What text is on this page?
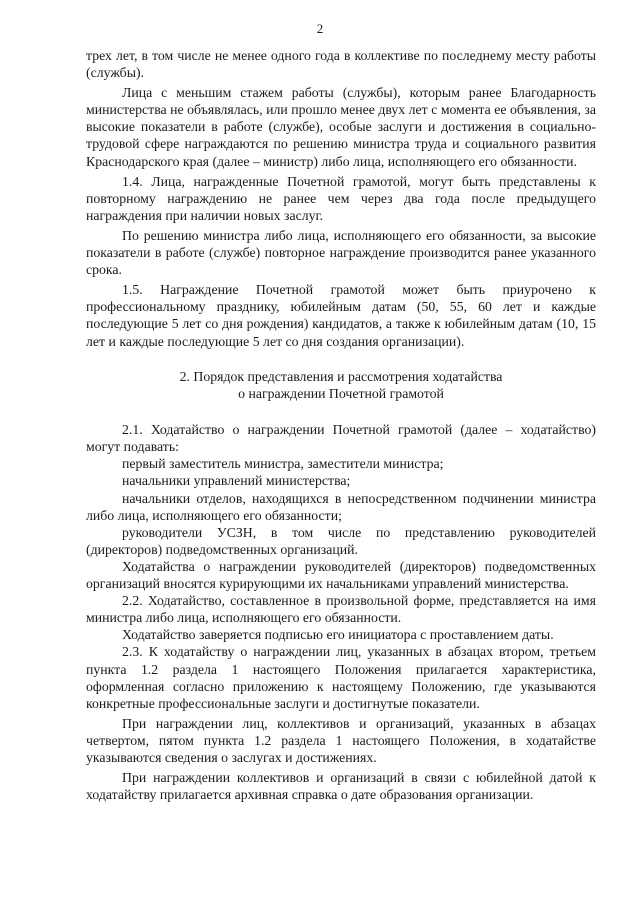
2

трех лет, в том числе не менее одного года в коллективе по последнему месту работы (службы).

Лица с меньшим стажем работы (службы), которым ранее Благодарность министерства не объявлялась, или прошло менее двух лет с момента ее объявления, за высокие показатели в работе (службе), особые заслуги и достижения в социально-трудовой сфере награждаются по решению министра труда и социального развития Краснодарского края (далее – министр) либо лица, исполняющего его обязанности.

1.4. Лица, награжденные Почетной грамотой, могут быть представлены к повторному награждению не ранее чем через два года после предыдущего награждения при наличии новых заслуг.

По решению министра либо лица, исполняющего его обязанности, за высокие показатели в работе (службе) повторное награждение производится ранее указанного срока.

1.5. Награждение Почетной грамотой может быть приурочено к профессиональному празднику, юбилейным датам (50, 55, 60 лет и каждые последующие 5 лет со дня рождения) кандидатов, а также к юбилейным датам (10, 15 лет и каждые последующие 5 лет со дня создания организации).

2. Порядок представления и рассмотрения ходатайства
о награждении Почетной грамотой

2.1. Ходатайство о награждении Почетной грамотой (далее – ходатайство) могут подавать:

первый заместитель министра, заместители министра;

начальники управлений министерства;

начальники отделов, находящихся в непосредственном подчинении министра либо лица, исполняющего его обязанности;

руководители УСЗН, в том числе по представлению руководителей (директоров) подведомственных организаций.

Ходатайства о награждении руководителей (директоров) подведомственных организаций вносятся курирующими их начальниками управлений министерства.

2.2. Ходатайство, составленное в произвольной форме, представляется на имя министра либо лица, исполняющего его обязанности.

Ходатайство заверяется подписью его инициатора с проставлением даты.

2.3. К ходатайству о награждении лиц, указанных в абзацах втором, третьем пункта 1.2 раздела 1 настоящего Положения прилагается характеристика, оформленная согласно приложению к настоящему Положению, где указываются конкретные профессиональные заслуги и достигнутые показатели.

При награждении лиц, коллективов и организаций, указанных в абзацах четвертом, пятом пункта 1.2 раздела 1 настоящего Положения, в ходатайстве указываются сведения о заслугах и достижениях.

При награждении коллективов и организаций в связи с юбилейной датой к ходатайству прилагается архивная справка о дате образования организации.
